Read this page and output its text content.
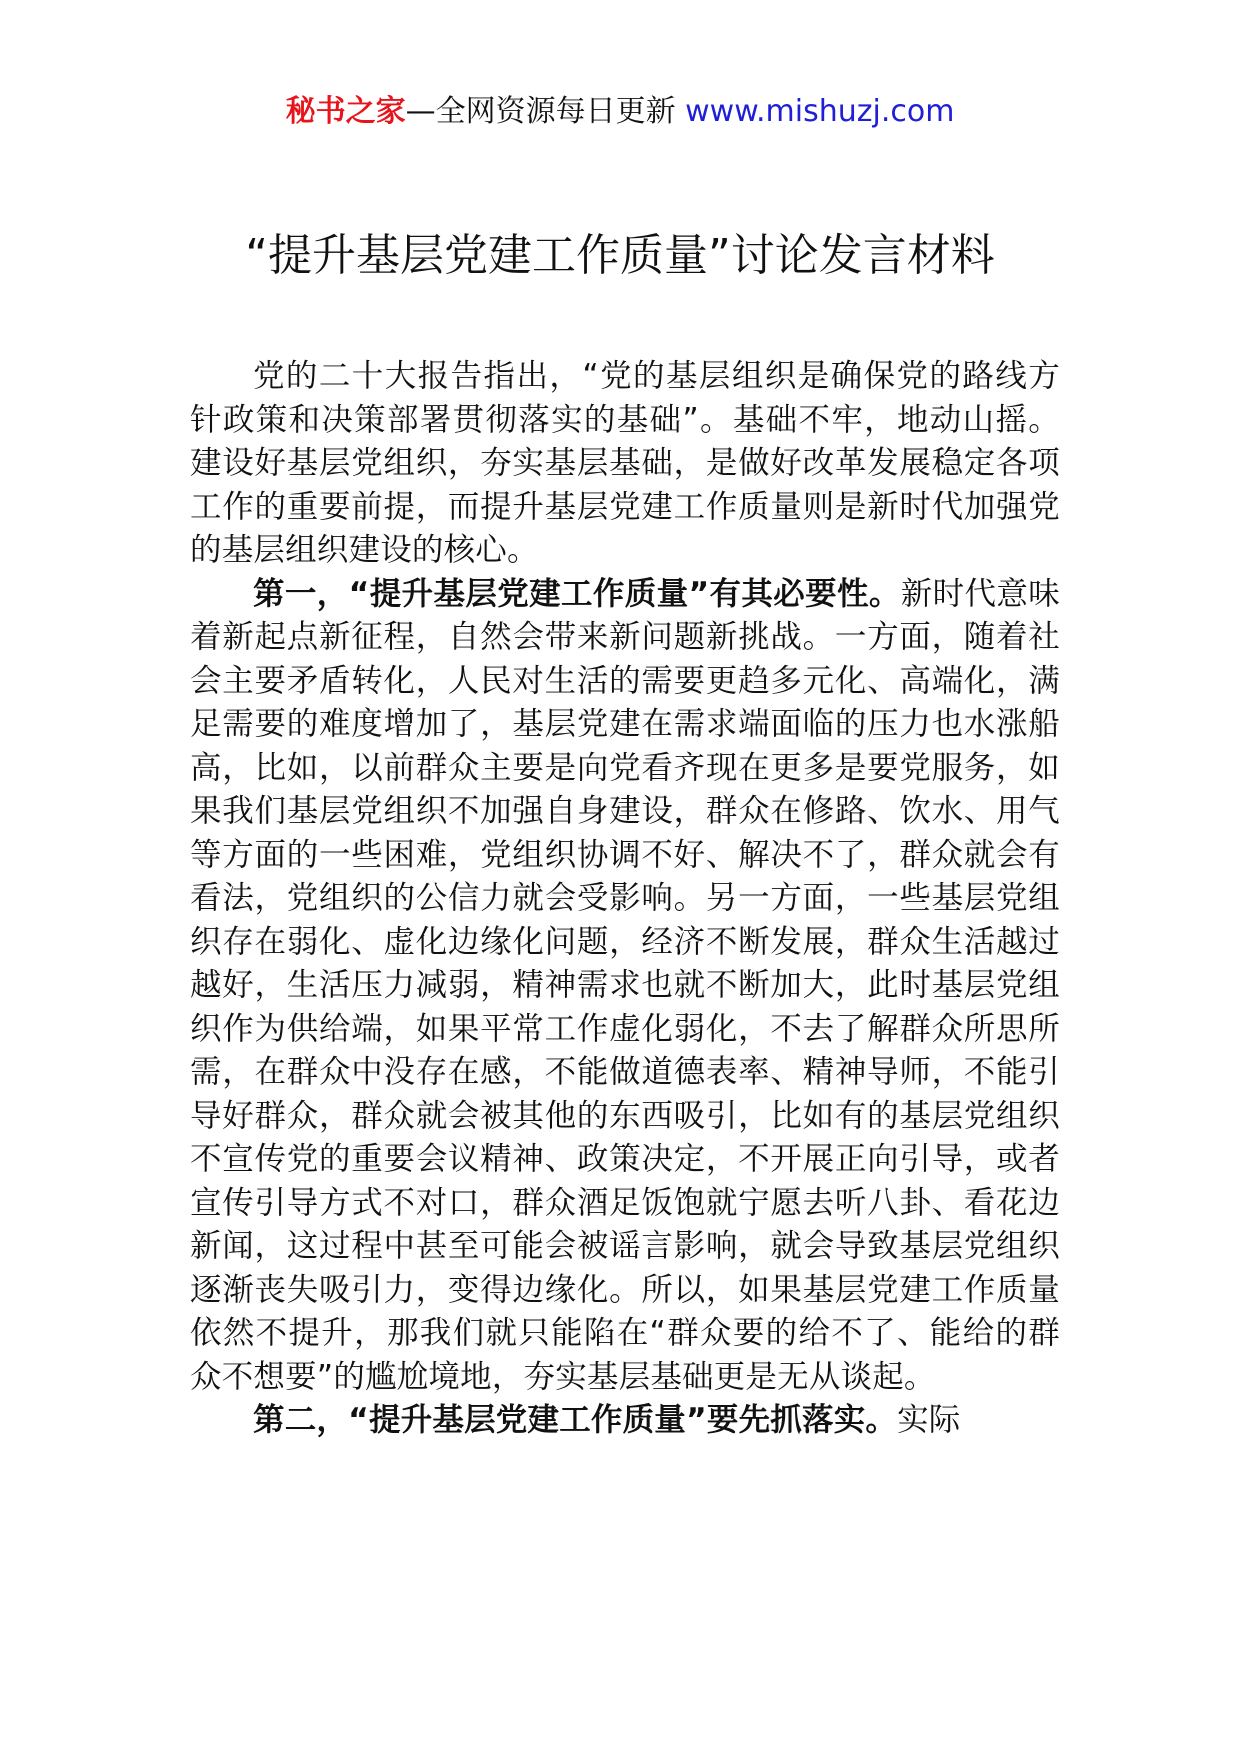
秘书之家—全网资源每日更新 www.mishuzj.com
“提升基层党建工作质量”讨论发言材料

党的二十大报告指出，“党的基层组织是确保党的路线方针政策和决策部署贯彻落实的基础”。基础不牢，地动山摇。建设好基层党组织，夯实基层基础，是做好改革发展稳定各项工作的重要前提，而提升基层党建工作质量则是新时代加强党的基层组织建设的核心。

第一，“提升基层党建工作质量”有其必要性。新时代意味着新起点新征程，自然会带来新问题新挑战。一方面，随着社会主要矛盾转化，人民对生活的需要更趋多元化、高端化，满足需要的难度增加了，基层党建在需求端面临的压力也水涨船高，比如，以前群众主要是向党看齐现在更多是要党服务，如果我们基层党组织不加强自身建设，群众在修路、饮水、用气等方面的一些困难，党组织协调不好、解决不了，群众就会有看法，党组织的公信力就会受影响。另一方面，一些基层党组织存在弱化、虚化边缘化问题，经济不断发展，群众生活越过越好，生活压力减弱，精神需求也就不断加大，此时基层党组织作为供给端，如果平常工作虚化弱化，不去了解群众所思所需，在群众中没存在感，不能做道德表率、精神导师，不能引导好群众，群众就会被其他的东西吸引，比如有的基层党组织不宣传党的重要会议精神、政策决定，不开展正向引导，或者宣传引导方式不对口，群众酒足饭饱就宁愿去听八卦、看花边新闻，这过程中甚至可能会被谣言影响，就会导致基层党组织逐渐丧失吸引力，变得边缘化。所以，如果基层党建工作质量依然不提升，那我们就只能陷在“群众要的给不了、能给的群众不想要”的尴尬境地，夯实基层基础更是无从谈起。

第二，“提升基层党建工作质量”要先抓落实。实际
